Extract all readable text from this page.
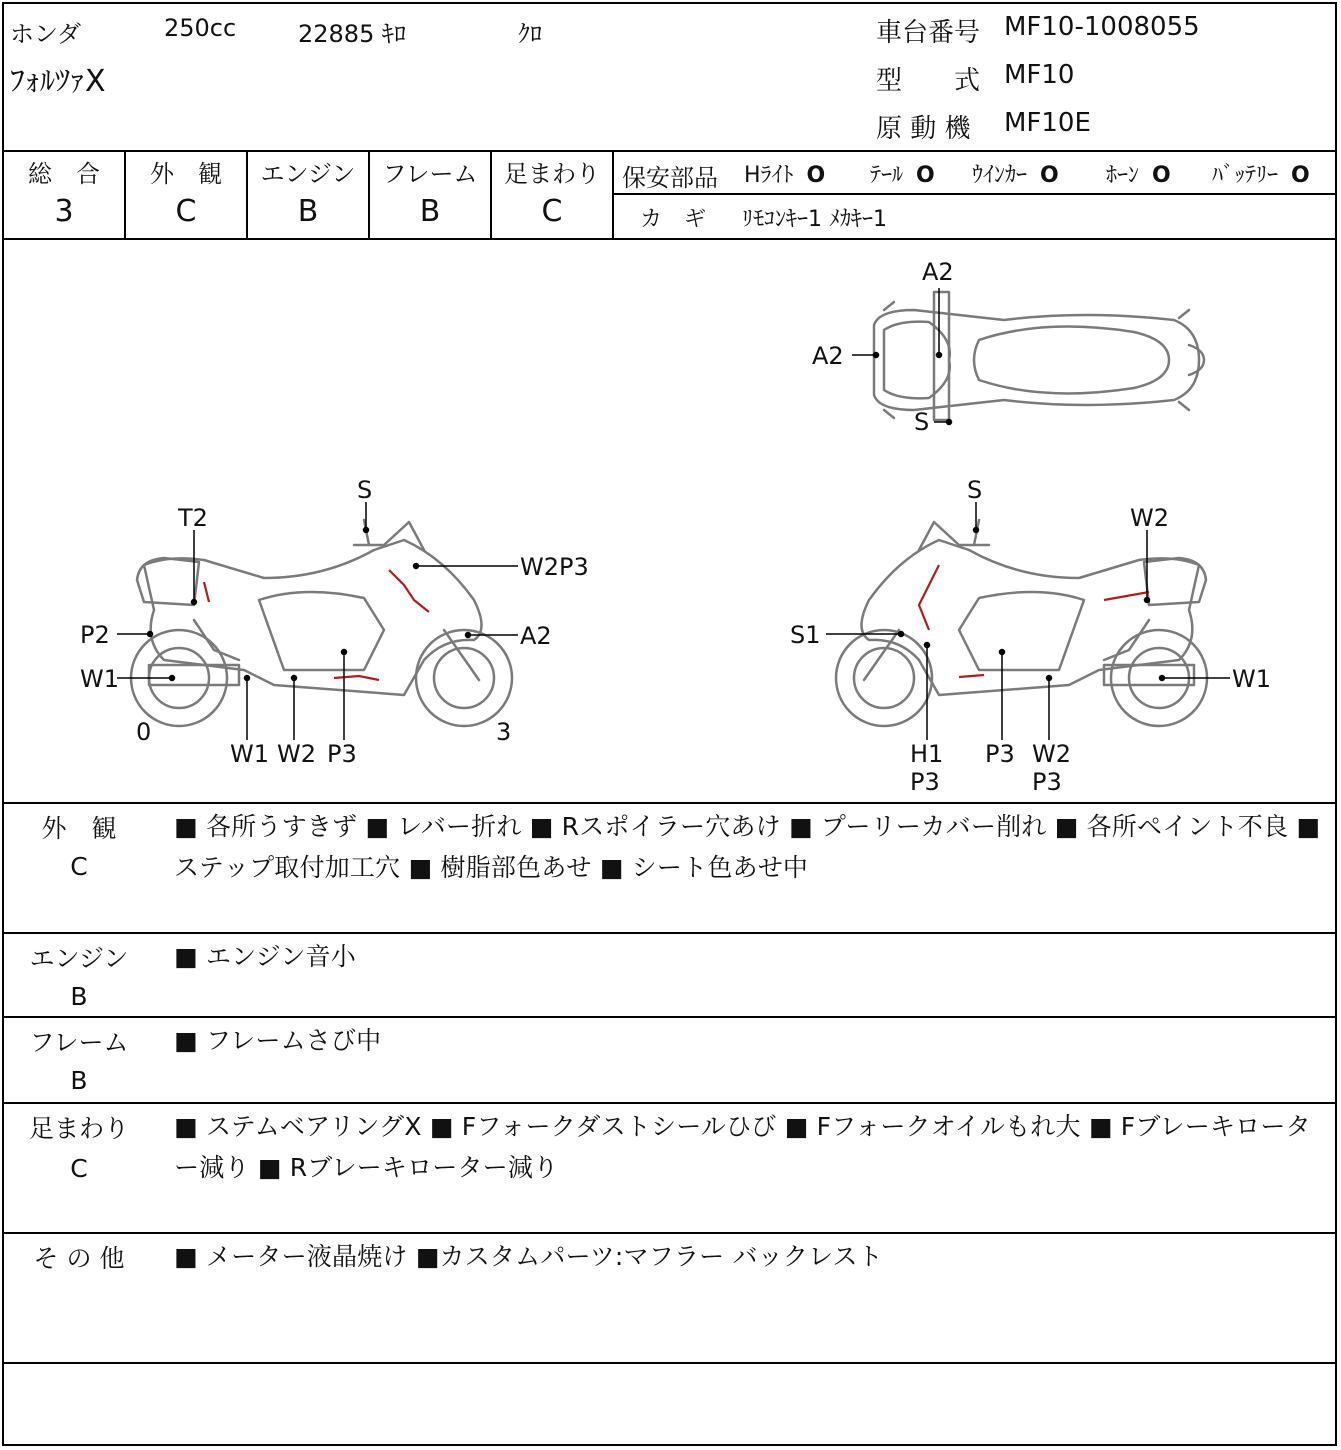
ホンダ	250cc	22885 ｷﾛ	ｸﾛ
ﾌｫﾙﾂｧX
車台番号 MF10-1008055
型　　式 MF10
原 動 機 MF10E
総　合
3
外　観
C
エンジン
B
フレーム
B
足まわり
C
保安部品 Hﾗｲﾄ O ﾃｰﾙ O ｳｲﾝｶｰ O ﾎｰﾝ O ﾊﾞｯﾃﾘｰ O
カ　ギ ﾘﾓｺﾝｷｰ1 ﾒｶｷｰ1
A2
A2
S
S
T2
W2P3
P2	A2
W1
0	3
W1 W2 P3
S
W2
S1
W1
H1
P3
P3 W2
P3
外　観
C
■ 各所うすきず ■ レバー折れ ■ Rスポイラー穴あけ ■ プーリーカバー削れ ■ 各所ペイント不良 ■ ステップ取付加工穴 ■ 樹脂部色あせ ■ シート色あせ中
エンジン
B
■ エンジン音小
フレーム
B
■ フレームさび中
足まわり
C
■ ステムベアリングX ■ Fフォークダストシールひび ■ Fフォークオイルもれ大 ■ Fブレーキローター減り ■ Rブレーキローター減り
そ の 他	■ メーター液晶焼け ■カスタムパーツ:マフラー バックレスト
